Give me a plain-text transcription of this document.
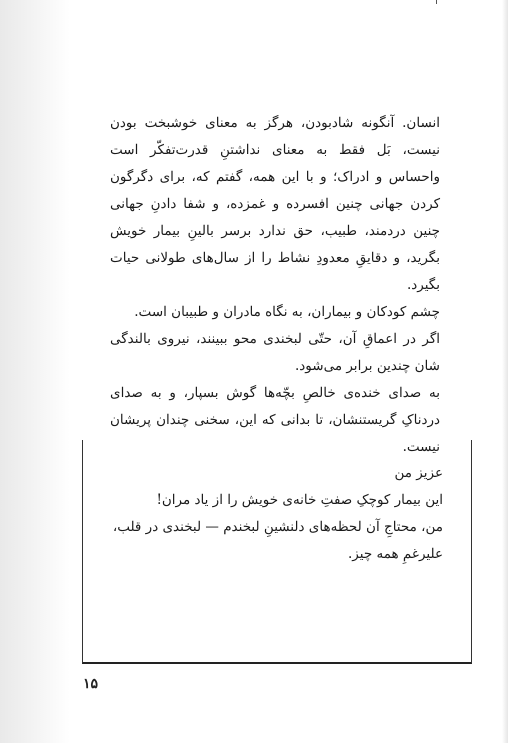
انسان. آنگونه شادبودن، هرگز به معنای خوشبخت بودن نیست، بَل فقط به معنای نداشتنِ قدرت‌تفکّر است واحساس و ادراک؛ و با این همه، گفتم که، برای دگرگون کردن جهانی چنین افسرده و غمزده، و شفا دادنِ جهانی چنین دردمند، طبیب، حق ندارد برسر بالینِ بیمار خویش بگرید، و دقایقِ معدودِ نشاط را از سال‌های طولانی حیات بگیرد.

چشم کودکان و بیماران، به نگاه مادران و طبیبان است.

اگر در اعماقِ آن، حتّی لبخندی محو ببینند، نیروی بالندگی شان چندین برابر می‌شود.

به صدای خنده‌ی خالصِ بچّه‌ها گوش بسپار، و به صدای دردناکِ گریستنشان، تا بدانی که این، سخنی چندان پریشان نیست.

عزیز من

این بیمار کوچکِ صفتِ خانه‌ی خویش را از یاد مران!

من، محتاجِ آن لحظه‌های دلنشینِ لبخندم — لبخندی در قلب، علیرغمِ همه چیز.

۱۵
